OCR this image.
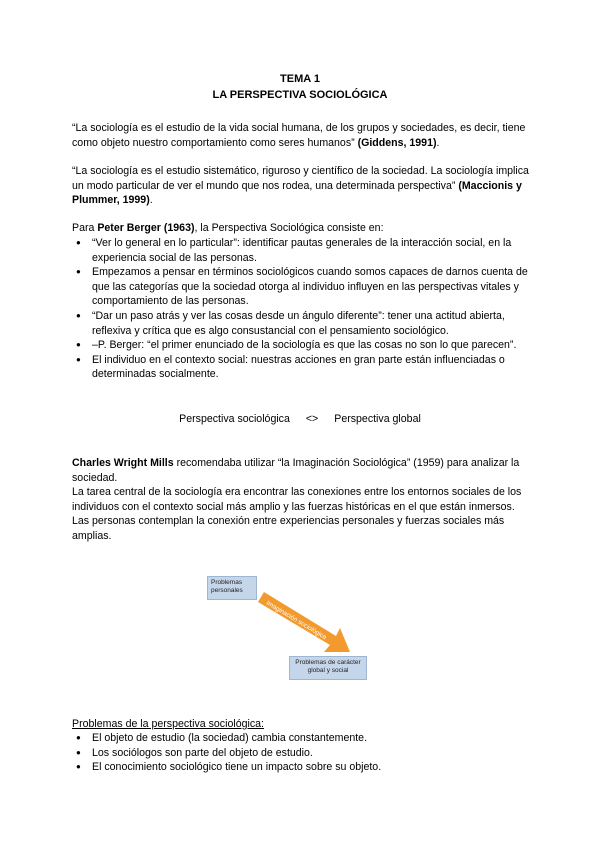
TEMA 1
LA PERSPECTIVA SOCIOLÓGICA
“La sociología es el estudio de la vida social humana, de los grupos y sociedades, es decir, tiene como objeto nuestro comportamiento como seres humanos” (Giddens, 1991).
“La sociología es el estudio sistemático, riguroso y científico de la sociedad. La sociología implica un modo particular de ver el mundo que nos rodea, una determinada perspectiva” (Maccionis y Plummer, 1999).
Para Peter Berger (1963), la Perspectiva Sociológica consiste en:
● “Ver lo general en lo particular”: identificar pautas generales de la interacción social, en la experiencia social de las personas.
● Empezamos a pensar en términos sociológicos cuando somos capaces de darnos cuenta de que las categorías que la sociedad otorga al individuo influyen en las perspectivas vitales y comportamiento de las personas.
● “Dar un paso atrás y ver las cosas desde un ángulo diferente”: tener una actitud abierta, reflexiva y crítica que es algo consustancial con el pensamiento sociológico.
● –P. Berger: “el primer enunciado de la sociología es que las cosas no son lo que parecen”.
● El individuo en el contexto social: nuestras acciones en gran parte están influenciadas o determinadas socialmente.
Perspectiva sociológica <> Perspectiva global
Charles Wright Mills recomendaba utilizar “la Imaginación Sociológica” (1959) para analizar la sociedad.
La tarea central de la sociología era encontrar las conexiones entre los entornos sociales de los individuos con el contexto social más amplio y las fuerzas históricas en el que están inmersos.
Las personas contemplan la conexión entre experiencias personales y fuerzas sociales más amplias.
Problemas personales
Imaginación sociológica
Problemas de carácter global y social
Problemas de la perspectiva sociológica:
● El objeto de estudio (la sociedad) cambia constantemente.
● Los sociólogos son parte del objeto de estudio.
● El conocimiento sociológico tiene un impacto sobre su objeto.
